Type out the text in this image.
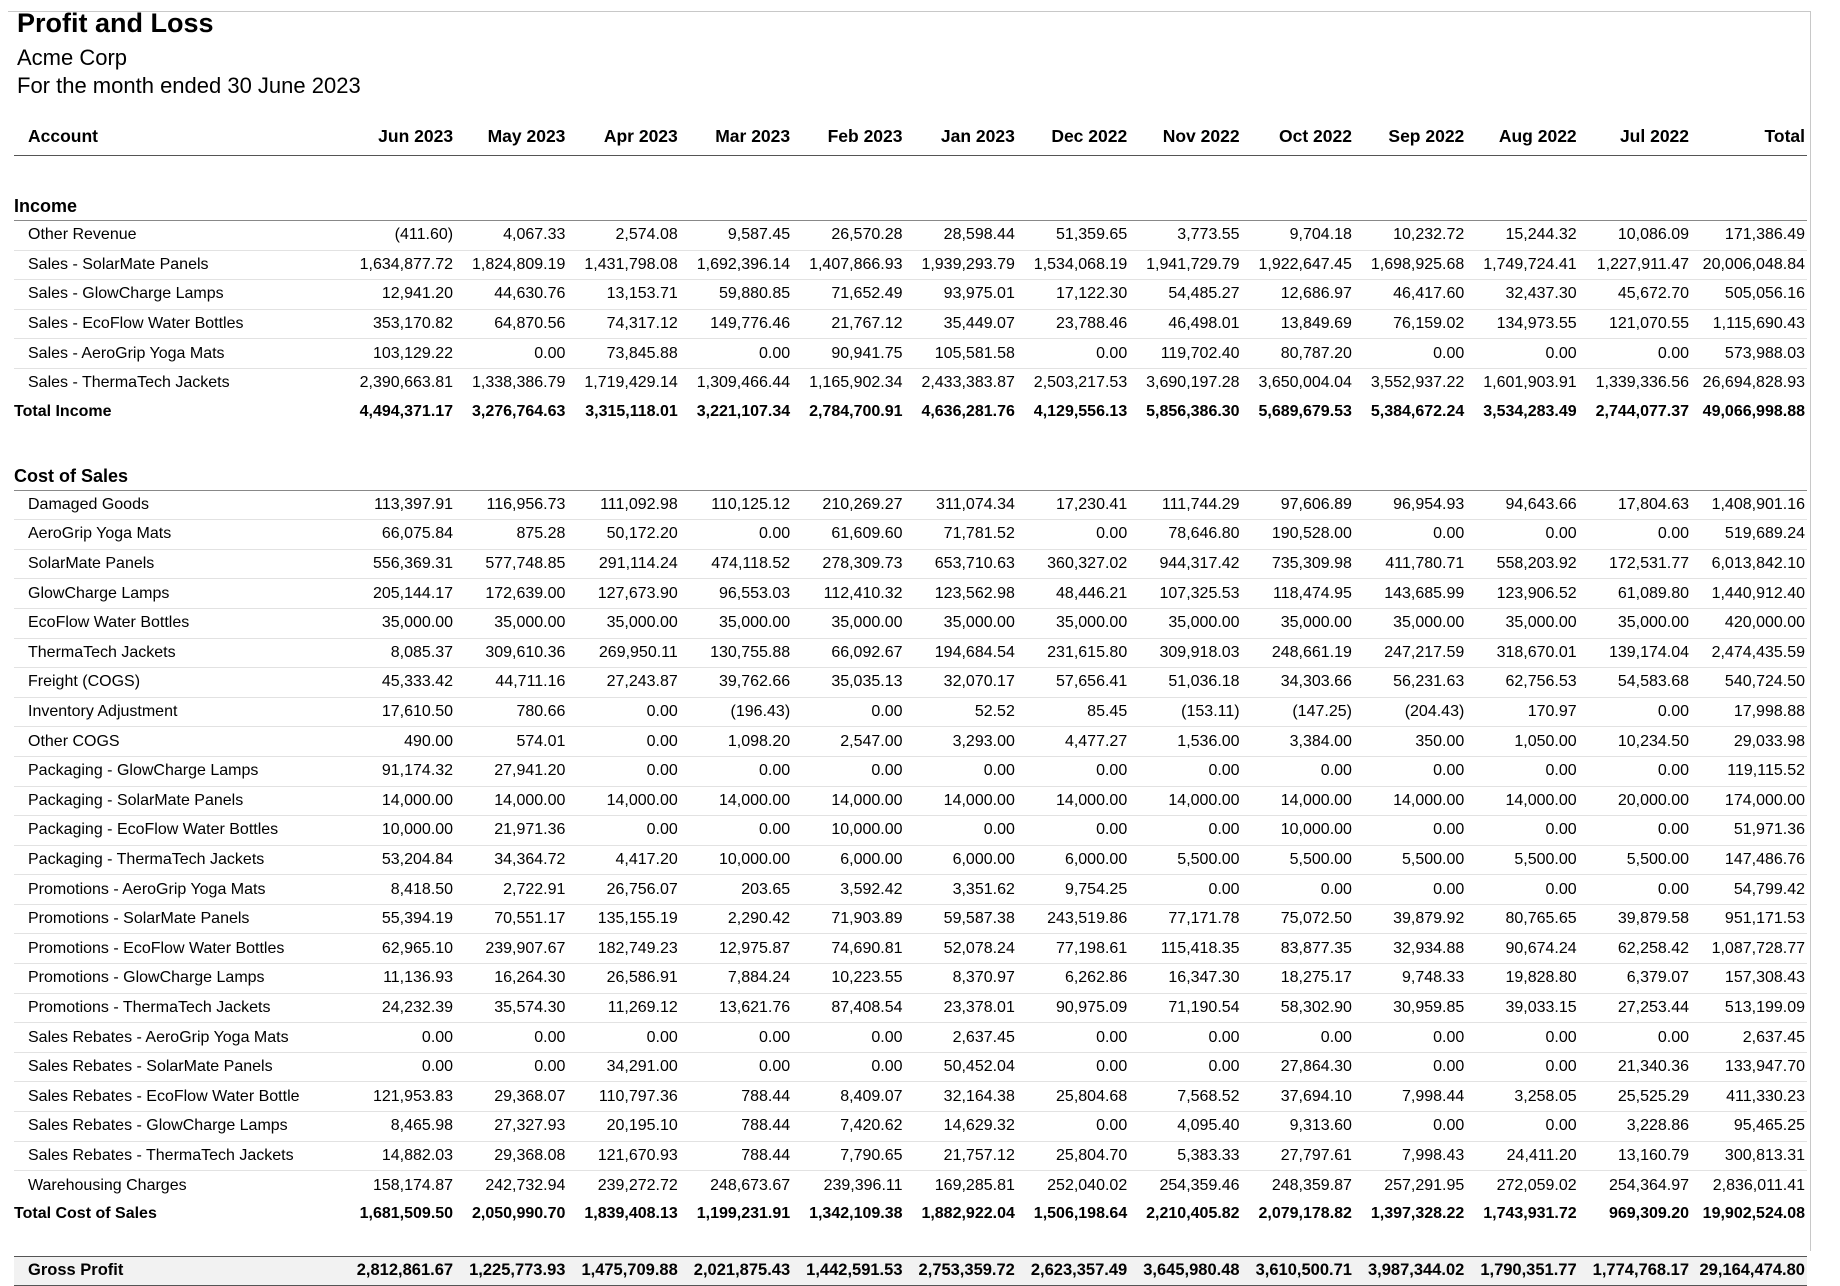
Profit and Loss
Acme Corp
For the month ended 30 June 2023
Account	Jun 2023	May 2023	Apr 2023	Mar 2023	Feb 2023	Jan 2023	Dec 2022	Nov 2022	Oct 2022	Sep 2022	Aug 2022	Jul 2022	Total

Income													
Other Revenue	(411.60)	4,067.33	2,574.08	9,587.45	26,570.28	28,598.44	51,359.65	3,773.55	9,704.18	10,232.72	15,244.32	10,086.09	171,386.49
Sales - SolarMate Panels	1,634,877.72	1,824,809.19	1,431,798.08	1,692,396.14	1,407,866.93	1,939,293.79	1,534,068.19	1,941,729.79	1,922,647.45	1,698,925.68	1,749,724.41	1,227,911.47	20,006,048.84
Sales - GlowCharge Lamps	12,941.20	44,630.76	13,153.71	59,880.85	71,652.49	93,975.01	17,122.30	54,485.27	12,686.97	46,417.60	32,437.30	45,672.70	505,056.16
Sales - EcoFlow Water Bottles	353,170.82	64,870.56	74,317.12	149,776.46	21,767.12	35,449.07	23,788.46	46,498.01	13,849.69	76,159.02	134,973.55	121,070.55	1,115,690.43
Sales - AeroGrip Yoga Mats	103,129.22	0.00	73,845.88	0.00	90,941.75	105,581.58	0.00	119,702.40	80,787.20	0.00	0.00	0.00	573,988.03
Sales - ThermaTech Jackets	2,390,663.81	1,338,386.79	1,719,429.14	1,309,466.44	1,165,902.34	2,433,383.87	2,503,217.53	3,690,197.28	3,650,004.04	3,552,937.22	1,601,903.91	1,339,336.56	26,694,828.93
Total Income	4,494,371.17	3,276,764.63	3,315,118.01	3,221,107.34	2,784,700.91	4,636,281.76	4,129,556.13	5,856,386.30	5,689,679.53	5,384,672.24	3,534,283.49	2,744,077.37	49,066,998.88

Cost of Sales													
Damaged Goods	113,397.91	116,956.73	111,092.98	110,125.12	210,269.27	311,074.34	17,230.41	111,744.29	97,606.89	96,954.93	94,643.66	17,804.63	1,408,901.16
AeroGrip Yoga Mats	66,075.84	875.28	50,172.20	0.00	61,609.60	71,781.52	0.00	78,646.80	190,528.00	0.00	0.00	0.00	519,689.24
SolarMate Panels	556,369.31	577,748.85	291,114.24	474,118.52	278,309.73	653,710.63	360,327.02	944,317.42	735,309.98	411,780.71	558,203.92	172,531.77	6,013,842.10
GlowCharge Lamps	205,144.17	172,639.00	127,673.90	96,553.03	112,410.32	123,562.98	48,446.21	107,325.53	118,474.95	143,685.99	123,906.52	61,089.80	1,440,912.40
EcoFlow Water Bottles	35,000.00	35,000.00	35,000.00	35,000.00	35,000.00	35,000.00	35,000.00	35,000.00	35,000.00	35,000.00	35,000.00	35,000.00	420,000.00
ThermaTech Jackets	8,085.37	309,610.36	269,950.11	130,755.88	66,092.67	194,684.54	231,615.80	309,918.03	248,661.19	247,217.59	318,670.01	139,174.04	2,474,435.59
Freight (COGS)	45,333.42	44,711.16	27,243.87	39,762.66	35,035.13	32,070.17	57,656.41	51,036.18	34,303.66	56,231.63	62,756.53	54,583.68	540,724.50
Inventory Adjustment	17,610.50	780.66	0.00	(196.43)	0.00	52.52	85.45	(153.11)	(147.25)	(204.43)	170.97	0.00	17,998.88
Other COGS	490.00	574.01	0.00	1,098.20	2,547.00	3,293.00	4,477.27	1,536.00	3,384.00	350.00	1,050.00	10,234.50	29,033.98
Packaging - GlowCharge Lamps	91,174.32	27,941.20	0.00	0.00	0.00	0.00	0.00	0.00	0.00	0.00	0.00	0.00	119,115.52
Packaging - SolarMate Panels	14,000.00	14,000.00	14,000.00	14,000.00	14,000.00	14,000.00	14,000.00	14,000.00	14,000.00	14,000.00	14,000.00	20,000.00	174,000.00
Packaging - EcoFlow Water Bottles	10,000.00	21,971.36	0.00	0.00	10,000.00	0.00	0.00	0.00	10,000.00	0.00	0.00	0.00	51,971.36
Packaging - ThermaTech Jackets	53,204.84	34,364.72	4,417.20	10,000.00	6,000.00	6,000.00	6,000.00	5,500.00	5,500.00	5,500.00	5,500.00	5,500.00	147,486.76
Promotions - AeroGrip Yoga Mats	8,418.50	2,722.91	26,756.07	203.65	3,592.42	3,351.62	9,754.25	0.00	0.00	0.00	0.00	0.00	54,799.42
Promotions - SolarMate Panels	55,394.19	70,551.17	135,155.19	2,290.42	71,903.89	59,587.38	243,519.86	77,171.78	75,072.50	39,879.92	80,765.65	39,879.58	951,171.53
Promotions - EcoFlow Water Bottles	62,965.10	239,907.67	182,749.23	12,975.87	74,690.81	52,078.24	77,198.61	115,418.35	83,877.35	32,934.88	90,674.24	62,258.42	1,087,728.77
Promotions - GlowCharge Lamps	11,136.93	16,264.30	26,586.91	7,884.24	10,223.55	8,370.97	6,262.86	16,347.30	18,275.17	9,748.33	19,828.80	6,379.07	157,308.43
Promotions - ThermaTech Jackets	24,232.39	35,574.30	11,269.12	13,621.76	87,408.54	23,378.01	90,975.09	71,190.54	58,302.90	30,959.85	39,033.15	27,253.44	513,199.09
Sales Rebates - AeroGrip Yoga Mats	0.00	0.00	0.00	0.00	0.00	2,637.45	0.00	0.00	0.00	0.00	0.00	0.00	2,637.45
Sales Rebates - SolarMate Panels	0.00	0.00	34,291.00	0.00	0.00	50,452.04	0.00	0.00	27,864.30	0.00	0.00	21,340.36	133,947.70
Sales Rebates - EcoFlow Water Bottle	121,953.83	29,368.07	110,797.36	788.44	8,409.07	32,164.38	25,804.68	7,568.52	37,694.10	7,998.44	3,258.05	25,525.29	411,330.23
Sales Rebates - GlowCharge Lamps	8,465.98	27,327.93	20,195.10	788.44	7,420.62	14,629.32	0.00	4,095.40	9,313.60	0.00	0.00	3,228.86	95,465.25
Sales Rebates - ThermaTech Jackets	14,882.03	29,368.08	121,670.93	788.44	7,790.65	21,757.12	25,804.70	5,383.33	27,797.61	7,998.43	24,411.20	13,160.79	300,813.31
Warehousing Charges	158,174.87	242,732.94	239,272.72	248,673.67	239,396.11	169,285.81	252,040.02	254,359.46	248,359.87	257,291.95	272,059.02	254,364.97	2,836,011.41
Total Cost of Sales	1,681,509.50	2,050,990.70	1,839,408.13	1,199,231.91	1,342,109.38	1,882,922.04	1,506,198.64	2,210,405.82	2,079,178.82	1,397,328.22	1,743,931.72	969,309.20	19,902,524.08

Gross Profit	2,812,861.67	1,225,773.93	1,475,709.88	2,021,875.43	1,442,591.53	2,753,359.72	2,623,357.49	3,645,980.48	3,610,500.71	3,987,344.02	1,790,351.77	1,774,768.17	29,164,474.80
